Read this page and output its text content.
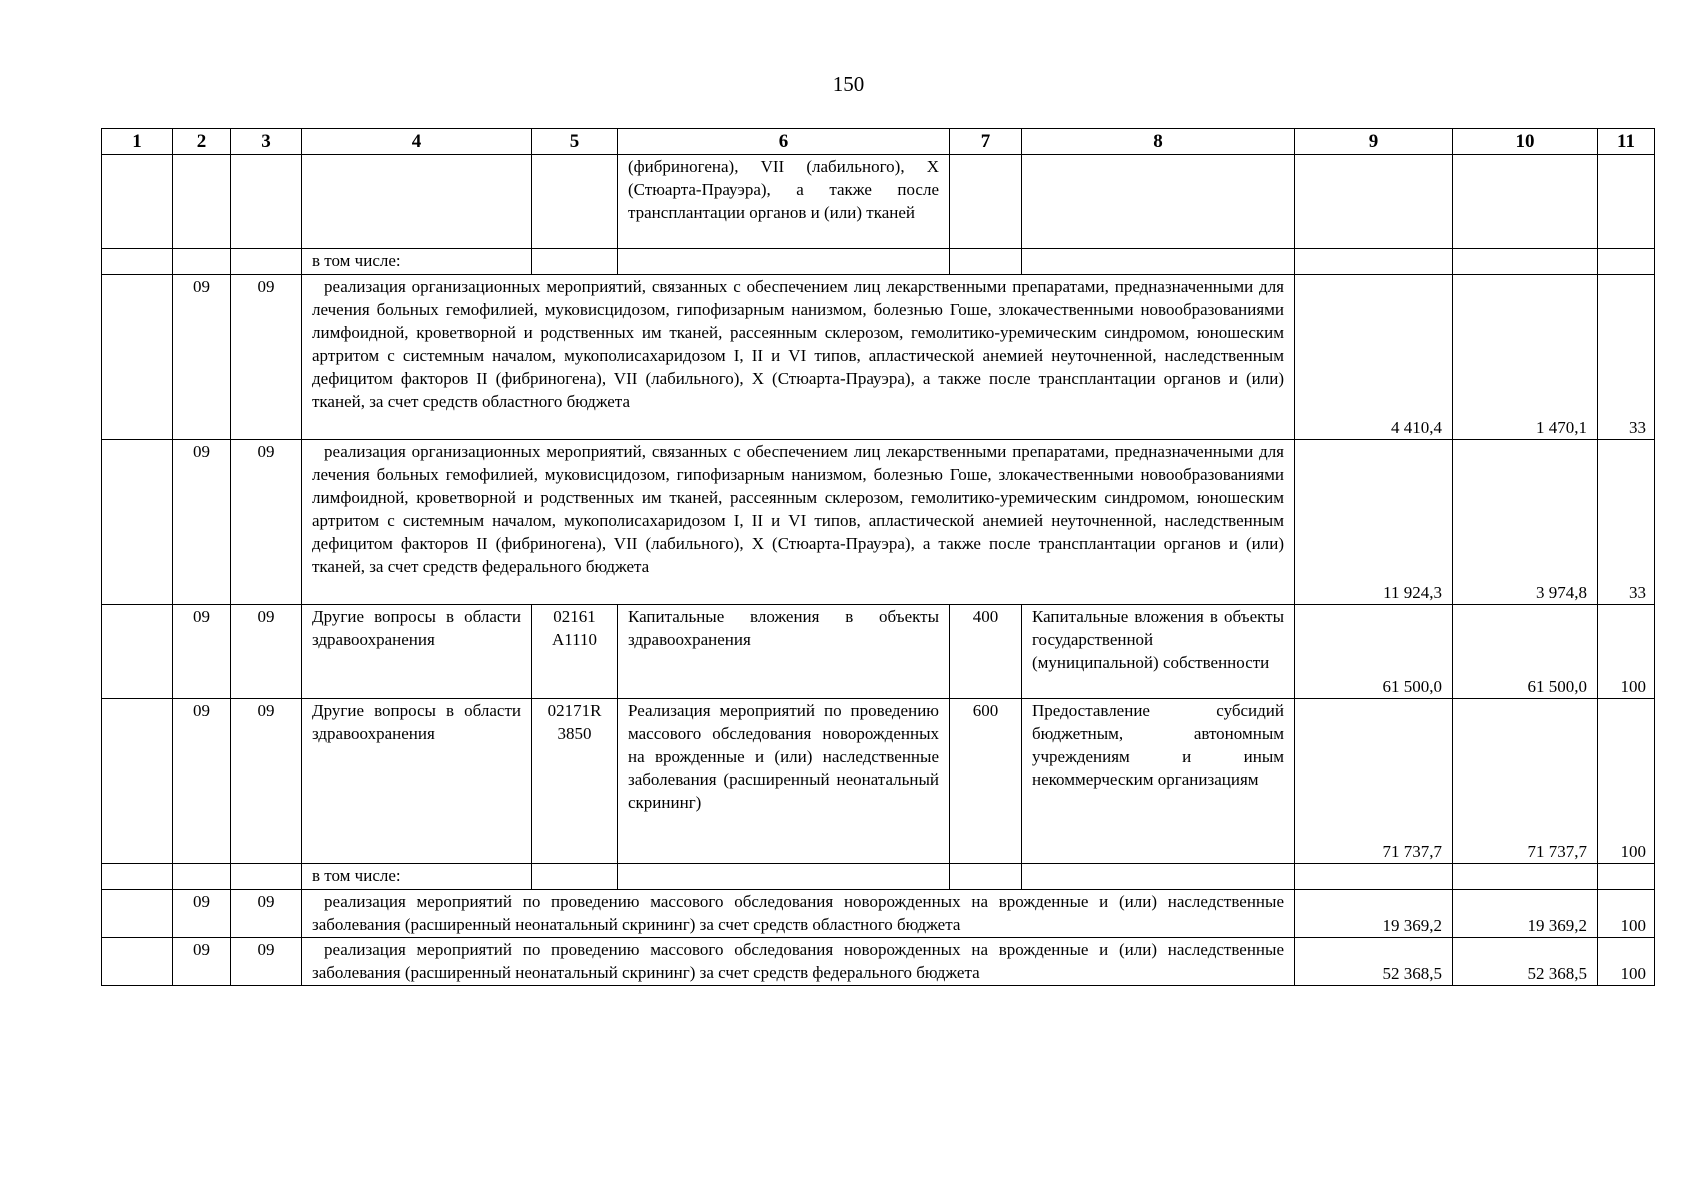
150
1	2	3	4	5	6	7	8	9	10	11
					(фибриногена), VII (лабильного), X (Стюарта-Прауэра), а также после трансплантации органов и (или) тканей					
			в том числе:							
	09	09	реализация организационных мероприятий, связанных с обеспечением лиц лекарственными препаратами, предназначенными для лечения больных гемофилией, муковисцидозом, гипофизарным нанизмом, болезнью Гоше, злокачественными новообразованиями лимфоидной, кроветворной и родственных им тканей, рассеянным склерозом, гемолитико-уремическим синдромом, юношеским артритом с системным началом, мукополисахаридозом I, II и VI типов, апластической анемией неуточненной, наследственным дефицитом факторов II (фибриногена), VII (лабильного), X (Стюарта-Прауэра), а также после трансплантации органов и (или) тканей, за счет средств областного бюджета					4 410,4	1 470,1	33
	09	09	реализация организационных мероприятий, связанных с обеспечением лиц лекарственными препаратами, предназначенными для лечения больных гемофилией, муковисцидозом, гипофизарным нанизмом, болезнью Гоше, злокачественными новообразованиями лимфоидной, кроветворной и родственных им тканей, рассеянным склерозом, гемолитико-уремическим синдромом, юношеским артритом с системным началом, мукополисахаридозом I, II и VI типов, апластической анемией неуточненной, наследственным дефицитом факторов II (фибриногена), VII (лабильного), X (Стюарта-Прауэра), а также после трансплантации органов и (или) тканей, за счет средств федерального бюджета					11 924,3	3 974,8	33
	09	09	Другие вопросы в области здравоохранения	02161
А1110	Капитальные вложения в объекты здравоохранения	400	Капитальные вложения в объекты государственной (муниципальной) собственности	61 500,0	61 500,0	100
	09	09	Другие вопросы в области здравоохранения	02171R
3850	Реализация мероприятий по проведению массового обследования новорожденных на врожденные и (или) наследственные заболевания (расширенный неонатальный скрининг)	600	Предоставление субсидий бюджетным, автономным учреждениям и иным некоммерческим организациям	71 737,7	71 737,7	100
			в том числе:							
	09	09	реализация мероприятий по проведению массового обследования новорожденных на врожденные и (или) наследственные заболевания (расширенный неонатальный скрининг) за счет средств областного бюджета					19 369,2	19 369,2	100
	09	09	реализация мероприятий по проведению массового обследования новорожденных на врожденные и (или) наследственные заболевания (расширенный неонатальный скрининг) за счет средств федерального бюджета					52 368,5	52 368,5	100
